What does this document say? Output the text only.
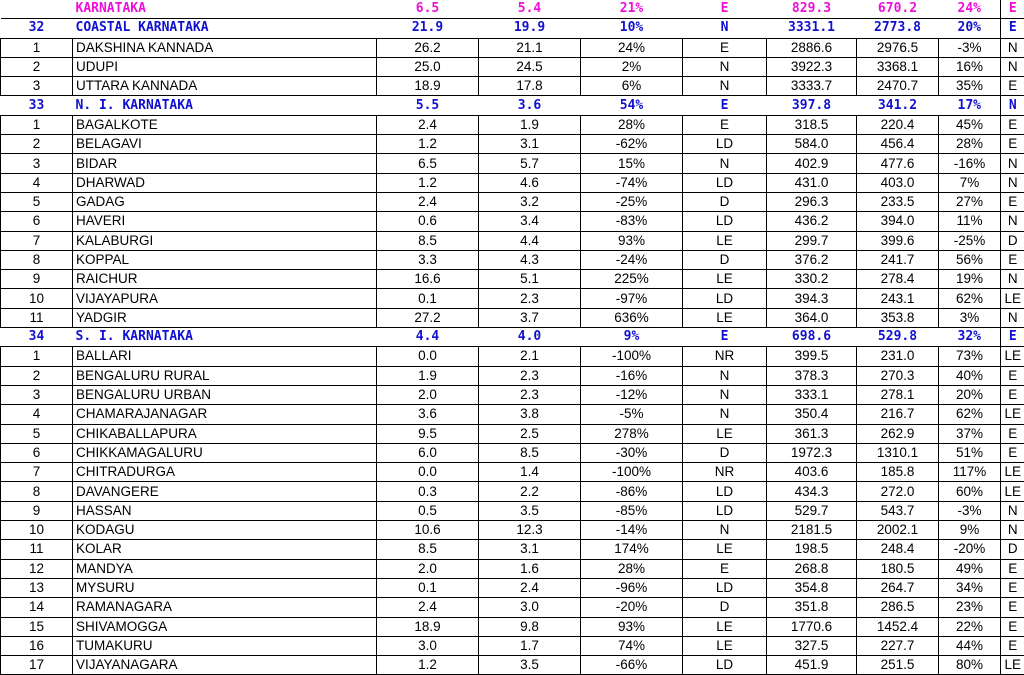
	KARNATAKA	6.5	5.4	21%	E	829.3	670.2	24%	E
32	COASTAL KARNATAKA	21.9	19.9	10%	N	3331.1	2773.8	20%	E
1	DAKSHINA KANNADA	26.2	21.1	24%	E	2886.6	2976.5	-3%	N
2	UDUPI	25.0	24.5	2%	N	3922.3	3368.1	16%	N
3	UTTARA KANNADA	18.9	17.8	6%	N	3333.7	2470.7	35%	E
33	N. I. KARNATAKA	5.5	3.6	54%	E	397.8	341.2	17%	N
1	BAGALKOTE	2.4	1.9	28%	E	318.5	220.4	45%	E
2	BELAGAVI	1.2	3.1	-62%	LD	584.0	456.4	28%	E
3	BIDAR	6.5	5.7	15%	N	402.9	477.6	-16%	N
4	DHARWAD	1.2	4.6	-74%	LD	431.0	403.0	7%	N
5	GADAG	2.4	3.2	-25%	D	296.3	233.5	27%	E
6	HAVERI	0.6	3.4	-83%	LD	436.2	394.0	11%	N
7	KALABURGI	8.5	4.4	93%	LE	299.7	399.6	-25%	D
8	KOPPAL	3.3	4.3	-24%	D	376.2	241.7	56%	E
9	RAICHUR	16.6	5.1	225%	LE	330.2	278.4	19%	N
10	VIJAYAPURA	0.1	2.3	-97%	LD	394.3	243.1	62%	LE
11	YADGIR	27.2	3.7	636%	LE	364.0	353.8	3%	N
34	S. I. KARNATAKA	4.4	4.0	9%	E	698.6	529.8	32%	E
1	BALLARI	0.0	2.1	-100%	NR	399.5	231.0	73%	LE
2	BENGALURU RURAL	1.9	2.3	-16%	N	378.3	270.3	40%	E
3	BENGALURU URBAN	2.0	2.3	-12%	N	333.1	278.1	20%	E
4	CHAMARAJANAGAR	3.6	3.8	-5%	N	350.4	216.7	62%	LE
5	CHIKABALLAPURA	9.5	2.5	278%	LE	361.3	262.9	37%	E
6	CHIKKAMAGALURU	6.0	8.5	-30%	D	1972.3	1310.1	51%	E
7	CHITRADURGA	0.0	1.4	-100%	NR	403.6	185.8	117%	LE
8	DAVANGERE	0.3	2.2	-86%	LD	434.3	272.0	60%	LE
9	HASSAN	0.5	3.5	-85%	LD	529.7	543.7	-3%	N
10	KODAGU	10.6	12.3	-14%	N	2181.5	2002.1	9%	N
11	KOLAR	8.5	3.1	174%	LE	198.5	248.4	-20%	D
12	MANDYA	2.0	1.6	28%	E	268.8	180.5	49%	E
13	MYSURU	0.1	2.4	-96%	LD	354.8	264.7	34%	E
14	RAMANAGARA	2.4	3.0	-20%	D	351.8	286.5	23%	E
15	SHIVAMOGGA	18.9	9.8	93%	LE	1770.6	1452.4	22%	E
16	TUMAKURU	3.0	1.7	74%	LE	327.5	227.7	44%	E
17	VIJAYANAGARA	1.2	3.5	-66%	LD	451.9	251.5	80%	LE
